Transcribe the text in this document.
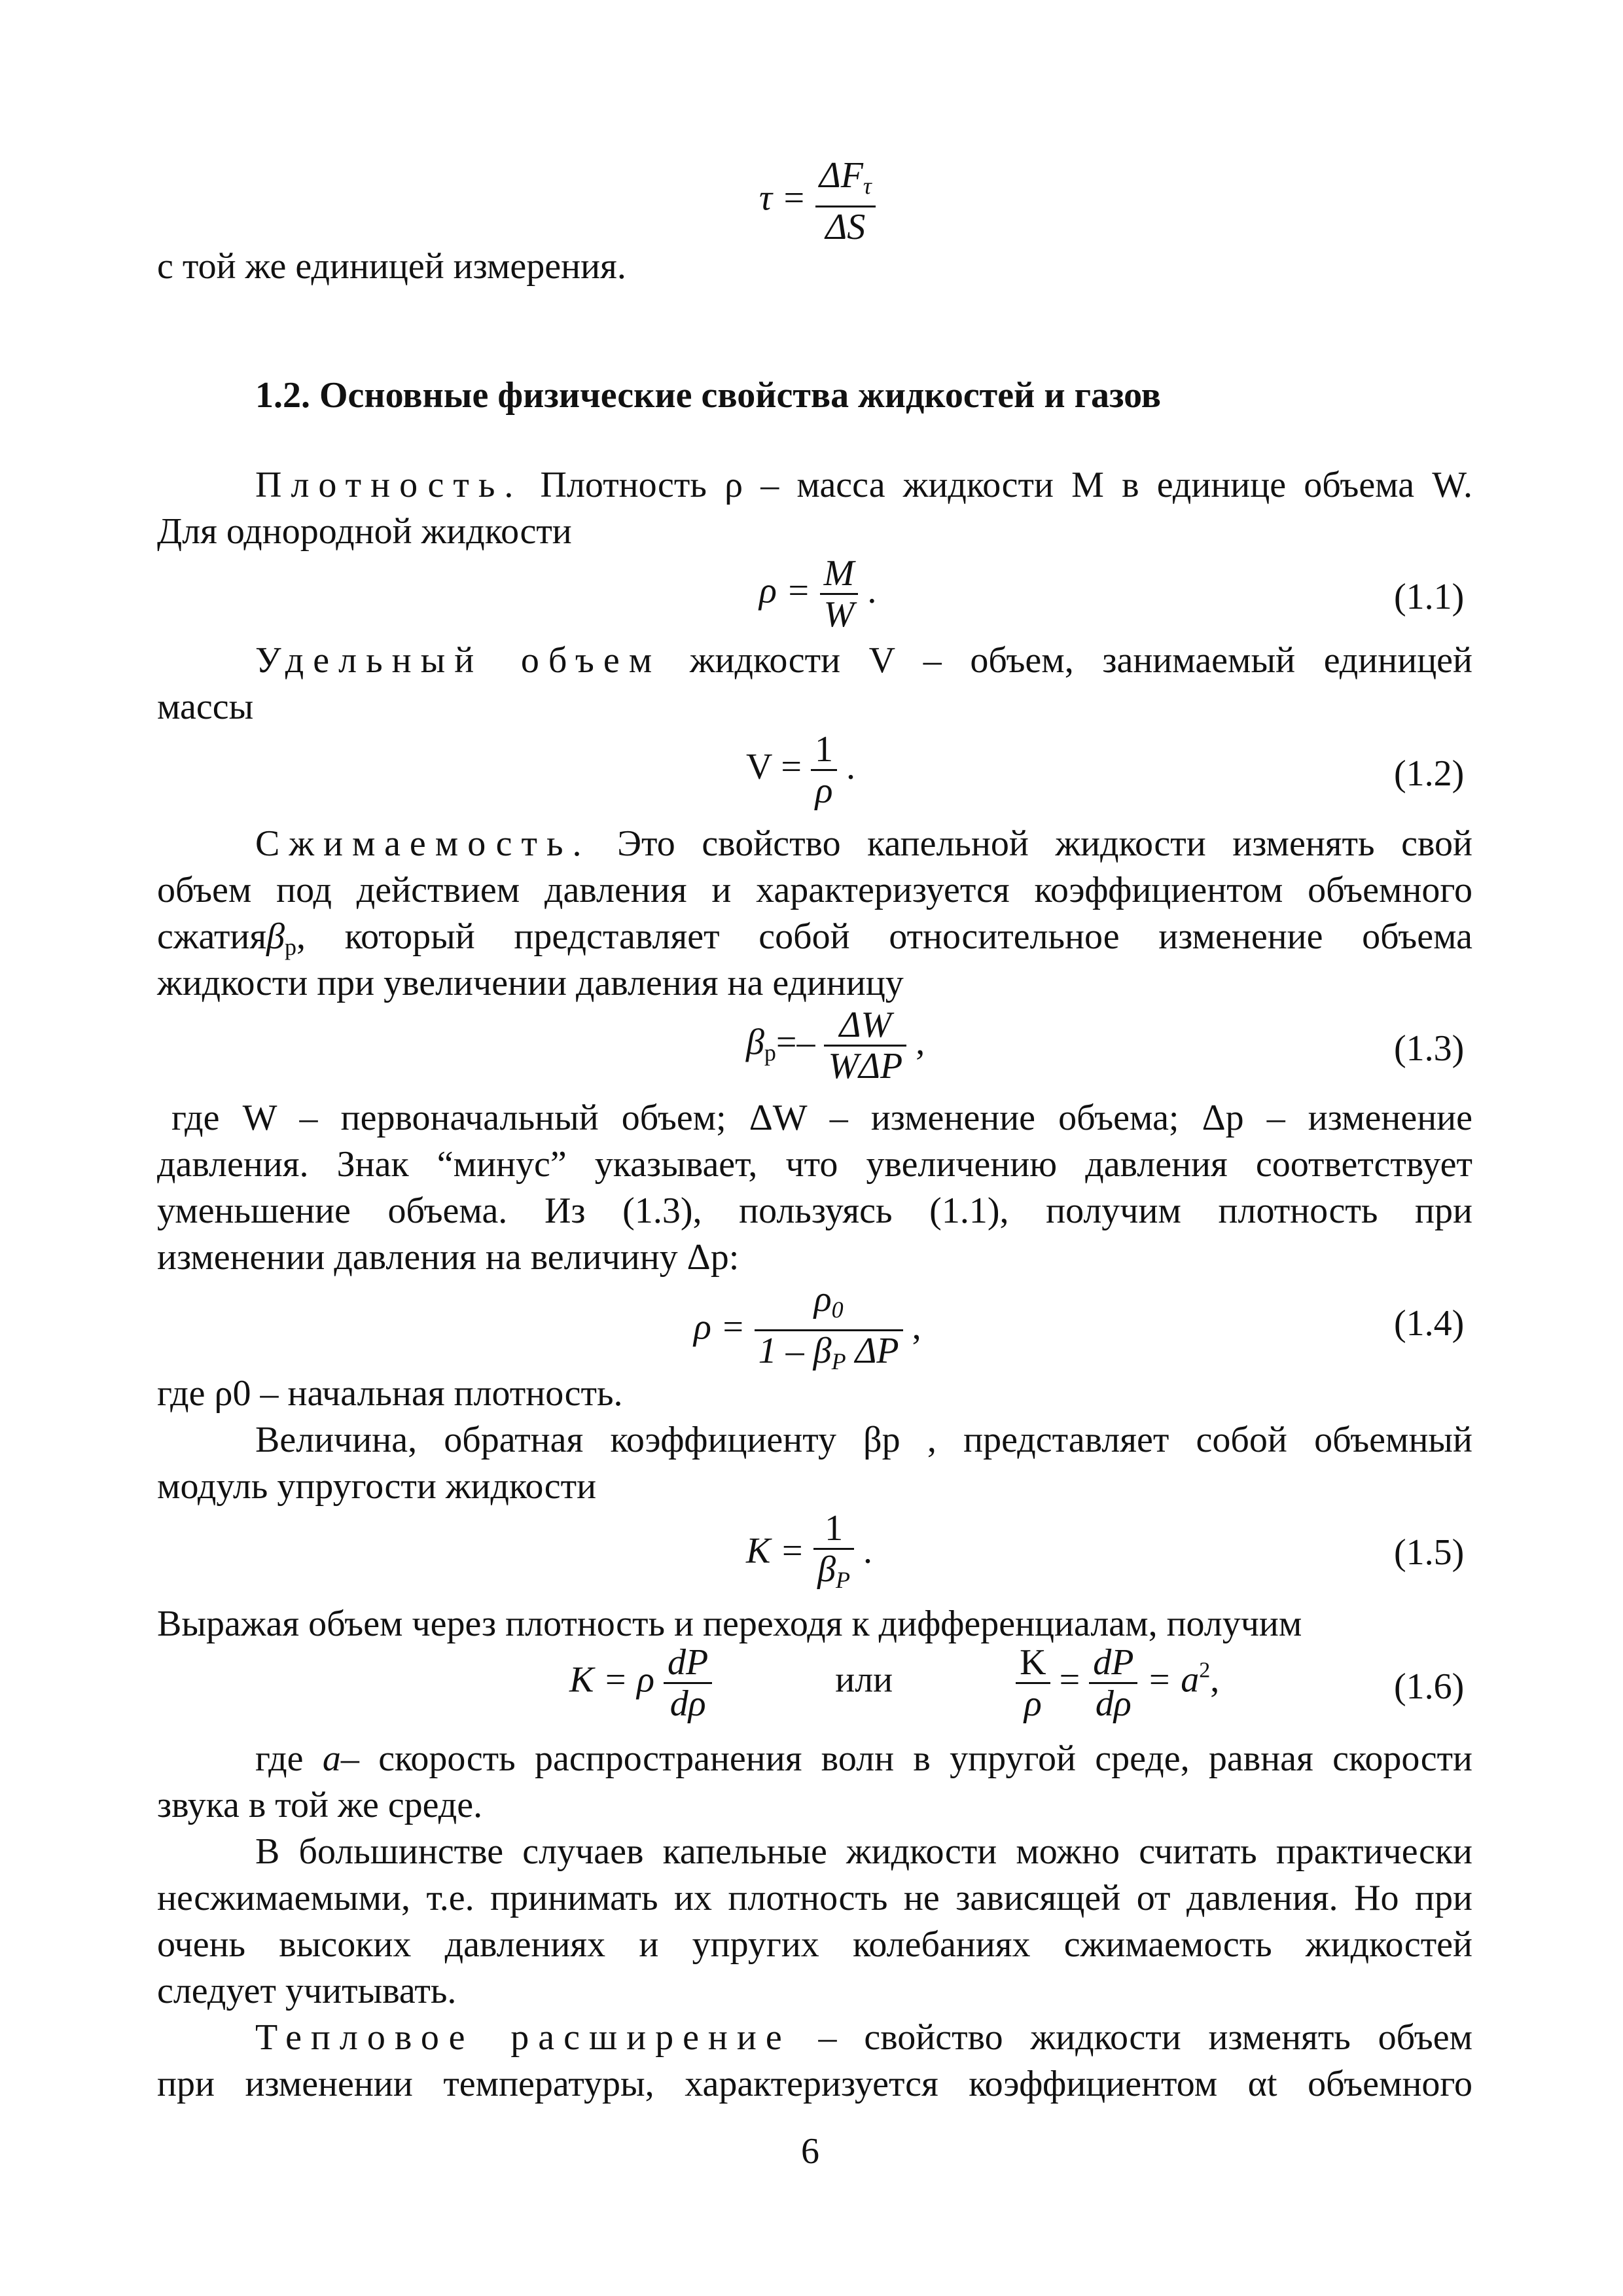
$\tau = \frac{\Delta F_\tau}{\Delta S}$
с той же единицей измерения.
1.2. Основные физические свойства жидкостей и газов
Плотность. Плотность ρ – масса жидкости M в единице объема W.
Для однородной жидкости
$\rho = \frac{M}{W}$ .	(1.1)
Удельный объем жидкости V – объем, занимаемый единицей
массы
$V = \frac{1}{\rho}$ .	(1.2)
Сжимаемость. Это свойство капельной жидкости изменять свой
объем под действием давления и характеризуется коэффициентом объемного
сжатияβ$_p$, который представляет собой относительное изменение объема
жидкости при увеличении давления на единицу
$\beta_p=- \frac{\Delta W}{\text{WΔP}}$ ,	(1.3)
где W – первоначальный объем; ΔW – изменение объема; Δp – изменение
давления. Знак “минус” указывает, что увеличению давления соответствует
уменьшение объема. Из (1.3), пользуясь (1.1), получим плотность при
изменении давления на величину Δp:
$\rho = \frac{\rho_0}{1 - \beta_P \Delta P}$ ,	(1.4)
где ρ0 – начальная плотность.
Величина, обратная коэффициенту βp , представляет собой объемный
модуль упругости жидкости
$K = \frac{1}{\beta_P}$ .	(1.5)
Выражая объем через плотность и переходя к дифференциалам, получим
K = ρ $\frac{dP}{d\rho}$	или	$\frac{K}{\rho} = \frac{dP}{d\rho} = a^2$,	(1.6)
где a– скорость распространения волн в упругой среде, равная скорости
звука в той же среде.
В большинстве случаев капельные жидкости можно считать практически
несжимаемыми, т.е. принимать их плотность не зависящей от давления. Но при
очень высоких давлениях и упругих колебаниях сжимаемость жидкостей
следует учитывать.
Тепловое расширение – свойство жидкости изменять объем
при изменении температуры, характеризуется коэффициентом αt объемного
6
